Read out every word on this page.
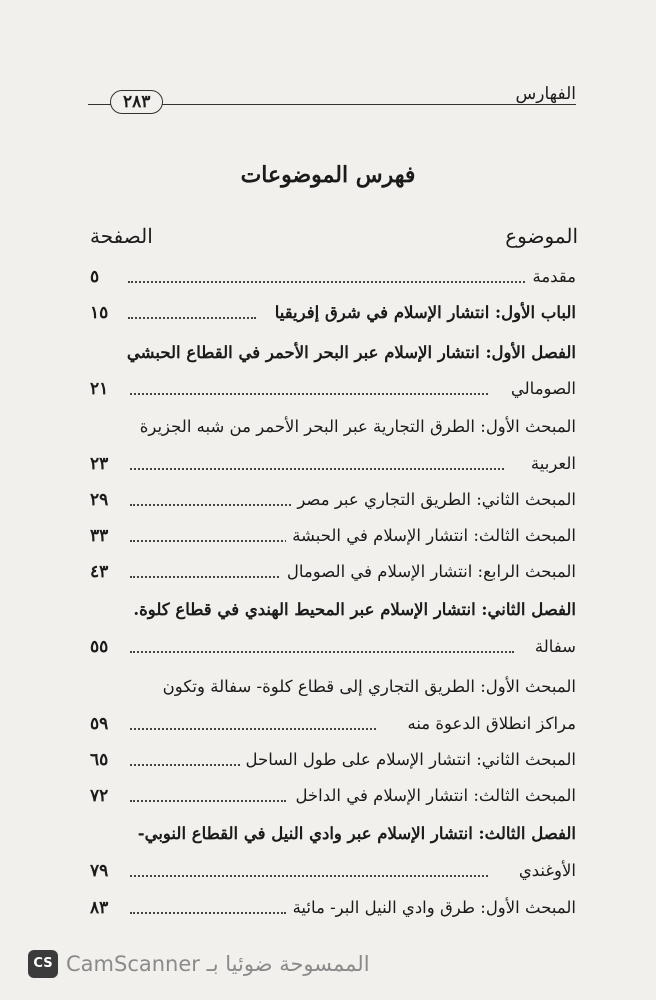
الفهارس
٢٨٣
فهرس الموضوعات
الموضوع
الصفحة
مقدمة
٥
الباب الأول: انتشار الإسلام في شرق إفريقيا
١٥
الفصل الأول: انتشار الإسلام عبر البحر الأحمر في القطاع الحبشي
الصومالي
٢١
المبحث الأول: الطرق التجارية عبر البحر الأحمر من شبه الجزيرة
العربية
٢٣
المبحث الثاني: الطريق التجاري عبر مصر
٢٩
المبحث الثالث: انتشار الإسلام في الحبشة
٣٣
المبحث الرابع: انتشار الإسلام في الصومال
٤٣
الفصل الثاني: انتشار الإسلام عبر المحيط الهندي في قطاع كلوة.
سفالة
٥٥
المبحث الأول: الطريق التجاري إلى قطاع كلوة- سفالة وتكون
مراكز انطلاق الدعوة منه
٥٩
المبحث الثاني: انتشار الإسلام على طول الساحل
٦٥
المبحث الثالث: انتشار الإسلام في الداخل
٧٢
الفصل الثالث: انتشار الإسلام عبر وادي النيل في القطاع النوبي-
الأوغندي
٧٩
المبحث الأول: طرق وادي النيل البر- مائية
٨٣
CS الممسوحة ضوئيا بـ CamScanner
